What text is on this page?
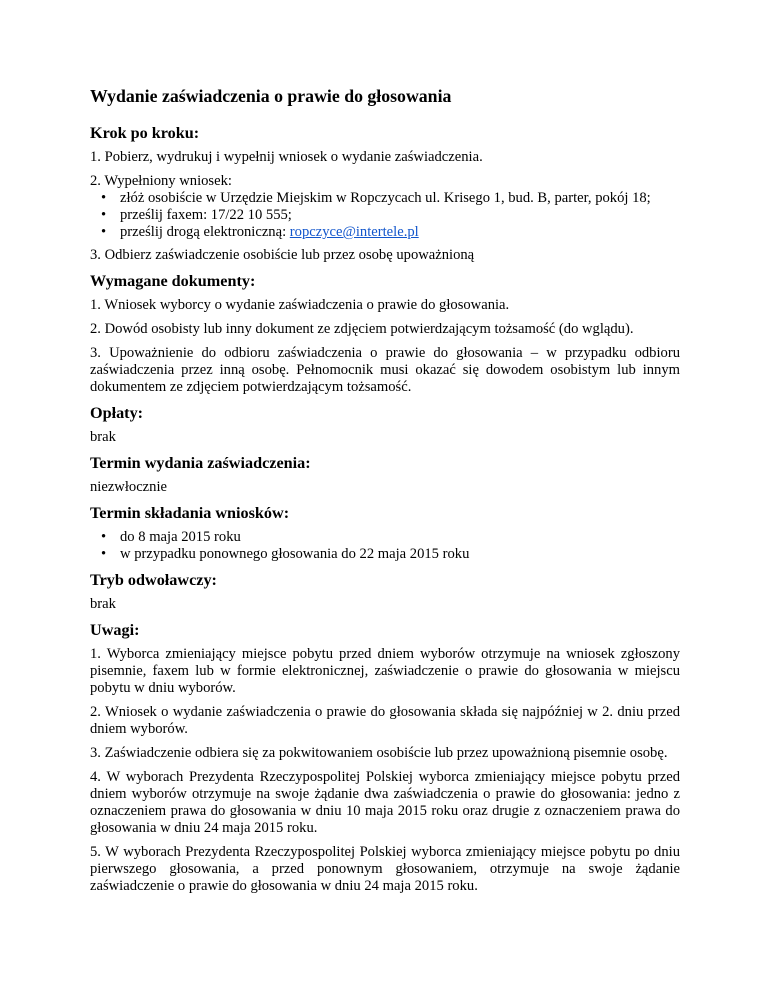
Wydanie zaświadczenia o prawie do głosowania
Krok po kroku:

1. Pobierz, wydrukuj i wypełnij wniosek o wydanie zaświadczenia.

2. Wypełniony wniosek:

• złóż osobiście w Urzędzie Miejskim w Ropczycach ul. Krisego 1, bud. B, parter, pokój 18;
• prześlij faxem: 17/22 10 555;
• prześlij drogą elektroniczną: ropczyce@intertele.pl

3. Odbierz zaświadczenie osobiście lub przez osobę upoważnioną

Wymagane dokumenty:

1. Wniosek wyborcy o wydanie zaświadczenia o prawie do głosowania.

2. Dowód osobisty lub inny dokument ze zdjęciem potwierdzającym tożsamość (do wglądu).

3. Upoważnienie do odbioru zaświadczenia o prawie do głosowania – w przypadku odbioru zaświadczenia przez inną osobę. Pełnomocnik musi okazać się dowodem osobistym lub innym dokumentem ze zdjęciem potwierdzającym tożsamość.

Opłaty:

brak

Termin wydania zaświadczenia:

niezwłocznie

Termin składania wniosków:
• do 8 maja 2015 roku
• w przypadku ponownego głosowania do 22 maja 2015 roku
Tryb odwoławczy:

brak

Uwagi:

1. Wyborca zmieniający miejsce pobytu przed dniem wyborów otrzymuje na wniosek zgłoszony pisemnie, faxem lub w formie elektronicznej, zaświadczenie o prawie do głosowania w miejscu pobytu w dniu wyborów.

2. Wniosek o wydanie zaświadczenia o prawie do głosowania składa się najpóźniej w 2. dniu przed dniem wyborów.

3. Zaświadczenie odbiera się za pokwitowaniem osobiście lub przez upoważnioną pisemnie osobę.

4. W wyborach Prezydenta Rzeczypospolitej Polskiej wyborca zmieniający miejsce pobytu przed dniem wyborów otrzymuje na swoje żądanie dwa zaświadczenia o prawie do głosowania: jedno z oznaczeniem prawa do głosowania w dniu 10 maja 2015 roku oraz drugie z oznaczeniem prawa do głosowania w dniu 24 maja 2015 roku.

5. W wyborach Prezydenta Rzeczypospolitej Polskiej wyborca zmieniający miejsce pobytu po dniu pierwszego głosowania, a przed ponownym głosowaniem, otrzymuje na swoje żądanie zaświadczenie o prawie do głosowania w dniu 24 maja 2015 roku.
